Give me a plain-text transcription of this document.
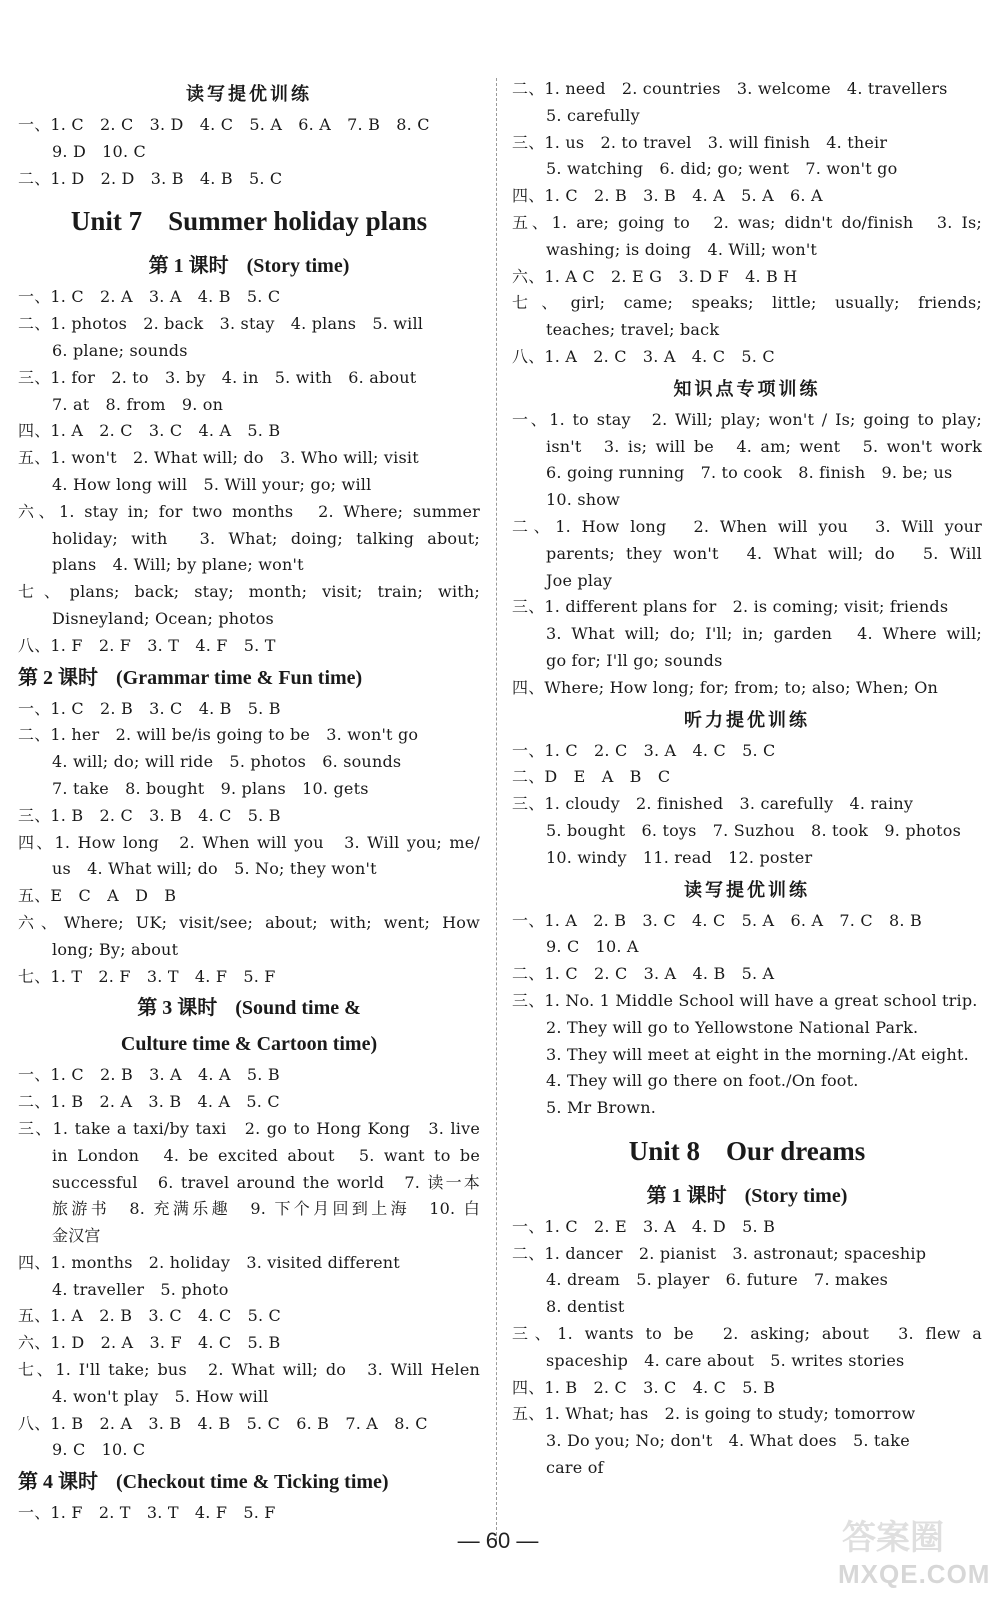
读写提优训练
一、1. C　2. C　3. D　4. C　5. A　6. A　7. B　8. C
9. D　10. C
二、1. D　2. D　3. B　4. B　5. C
Unit 7 Summer holiday plans
第 1 课时 (Story time)
一、1. C　2. A　3. A　4. B　5. C
二、1. photos　2. back　3. stay　4. plans　5. will
6. plane; sounds
三、1. for　2. to　3. by　4. in　5. with　6. about
7. at　8. from　9. on
四、1. A　2. C　3. C　4. A　5. B
五、1. won't　2. What will; do　3. Who will; visit
4. How long will　5. Will your; go; will
六、1. stay in; for two months　2. Where; summer
holiday; with　3. What; doing; talking about;
plans　4. Will; by plane; won't
七、plans; back; stay; month; visit; train; with;
Disneyland; Ocean; photos
八、1. F　2. F　3. T　4. F　5. T
第 2 课时 (Grammar time & Fun time)
一、1. C　2. B　3. C　4. B　5. B
二、1. her　2. will be/is going to be　3. won't go
4. will; do; will ride　5. photos　6. sounds
7. take　8. bought　9. plans　10. gets
三、1. B　2. C　3. B　4. C　5. B
四、1. How long　2. When will you　3. Will you; me/
us　4. What will; do　5. No; they won't
五、E　C　A　D　B
六、Where; UK; visit/see; about; with; went; How
long; By; about
七、1. T　2. F　3. T　4. F　5. F
第 3 课时 (Sound time &
Culture time & Cartoon time)
一、1. C　2. B　3. A　4. A　5. B
二、1. B　2. A　3. B　4. A　5. C
三、1. take a taxi/by taxi　2. go to Hong Kong　3. live
in London　4. be excited about　5. want to be
successful　6. travel around the world　7. 读一本
旅游书　8. 充满乐趣　9. 下个月回到上海　10. 白
金汉宫
四、1. months　2. holiday　3. visited different
4. traveller　5. photo
五、1. A　2. B　3. C　4. C　5. C
六、1. D　2. A　3. F　4. C　5. B
七、1. I'll take; bus　2. What will; do　3. Will Helen
4. won't play　5. How will
八、1. B　2. A　3. B　4. B　5. C　6. B　7. A　8. C
9. C　10. C
第 4 课时 (Checkout time & Ticking time)
一、1. F　2. T　3. T　4. F　5. F
二、1. need　2. countries　3. welcome　4. travellers
5. carefully
三、1. us　2. to travel　3. will finish　4. their
5. watching　6. did; go; went　7. won't go
四、1. C　2. B　3. B　4. A　5. A　6. A
五、1. are; going to　2. was; didn't do/finish　3. Is;
washing; is doing　4. Will; won't
六、1. A C　2. E G　3. D F　4. B H
七、girl; came; speaks; little; usually; friends;
teaches; travel; back
八、1. A　2. C　3. A　4. C　5. C
知识点专项训练
一、1. to stay　2. Will; play; won't / Is; going to play;
isn't　3. is; will be　4. am; went　5. won't work
6. going running　7. to cook　8. finish　9. be; us
10. show
二、1. How long　2. When will you　3. Will your
parents; they won't　4. What will; do　5. Will
Joe play
三、1. different plans for　2. is coming; visit; friends
3. What will; do; I'll; in; garden　4. Where will;
go for; I'll go; sounds
四、Where; How long; for; from; to; also; When; On
听力提优训练
一、1. C　2. C　3. A　4. C　5. C
二、D　E　A　B　C
三、1. cloudy　2. finished　3. carefully　4. rainy
5. bought　6. toys　7. Suzhou　8. took　9. photos
10. windy　11. read　12. poster
读写提优训练
一、1. A　2. B　3. C　4. C　5. A　6. A　7. C　8. B
9. C　10. A
二、1. C　2. C　3. A　4. B　5. A
三、1. No. 1 Middle School will have a great school trip.
2. They will go to Yellowstone National Park.
3. They will meet at eight in the morning./At eight.
4. They will go there on foot./On foot.
5. Mr Brown.
Unit 8 Our dreams
第 1 课时 (Story time)
一、1. C　2. E　3. A　4. D　5. B
二、1. dancer　2. pianist　3. astronaut; spaceship
4. dream　5. player　6. future　7. makes
8. dentist
三、1. wants to be　2. asking; about　3. flew a
spaceship　4. care about　5. writes stories
四、1. B　2. C　3. C　4. C　5. B
五、1. What; has　2. is going to study; tomorrow
3. Do you; No; don't　4. What does　5. take
care of
— 60 —	答案圈
MXQE.COM
